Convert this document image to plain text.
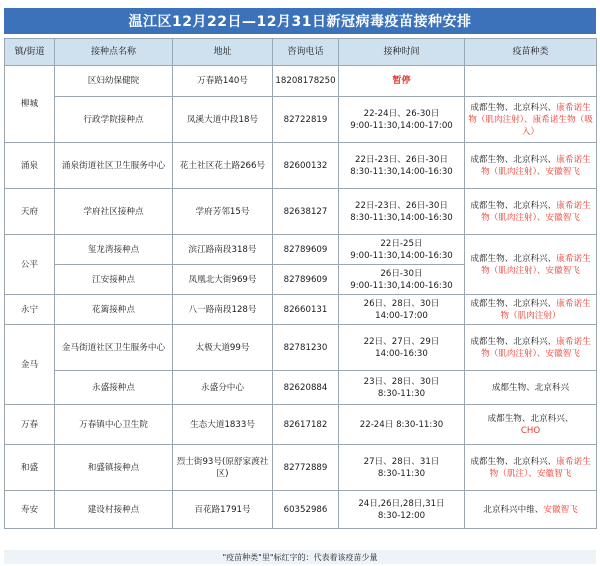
温江区12月22日—12月31日新冠病毒疫苗接种安排
镇/街道	接种点名称	地址	咨询电话	接种时间	疫苗种类
柳城	区妇幼保健院	万春路140号	18208178250	暂停	
	行政学院接种点	凤溪大道中段18号	82722819	22-24日、26-30日
9:00-11:30,14:00-17:00	成都生物、北京科兴、康希诺生物（肌肉注射）、康希诺生物（吸入）
涌泉	涌泉街道社区卫生服务中心	花土社区花土路266号	82600132	22日-23日、26日-30日
8:30-11:30,14:00-16:30	成都生物、北京科兴、康希诺生物（肌肉注射）、安徽智飞
天府	学府社区接种点	学府芳邻15号	82638127	22日-23日、26日-30日
8:30-11:30,14:00-16:30	成都生物、北京科兴、康希诺生物（肌肉注射）、安徽智飞
公平	玺龙湾接种点	滨江路南段318号	82789609	22日-25日
9:00-11:30,14:00-16:30	成都生物、北京科兴、康希诺生物（肌肉注射）、安徽智飞
	江安接种点	凤凰北大街969号	82789609	26日-30日
9:00-11:30,14:00-16:30	

永宁	花篱接种点	八一路南段128号	82660131	26日、28日、30日
14:00-17:00	成都生物、北京科兴、康希诺生物（肌肉注射）
金马	金马街道社区卫生服务中心	太极大道99号	82781230	22日、27日、29日
14:00-16:30	成都生物、北京科兴、康希诺生物（肌肉注射）、安徽智飞
	永盛接种点	永盛分中心	82620884	23日、28日、30日
8:30-11:30	成都生物、北京科兴
万春	万春镇中心卫生院	生态大道1833号	82617182	22-24日 8:30-11:30	成都生物、北京科兴、
CHO

和盛	和盛镇接种点	烈士街93号(原舒家渡社区)	82772889	27日、28日、31日
8:30-11:30	成都生物、北京科兴、康希诺生物（肌注）、安徽智飞
寿安	建设村接种点	百花路1791号	60352986	24日,26日,28日,31日
8:30-12:00	北京科兴中维、安徽智飞
"疫苗种类"里"标红字的：代表着该疫苗少量
